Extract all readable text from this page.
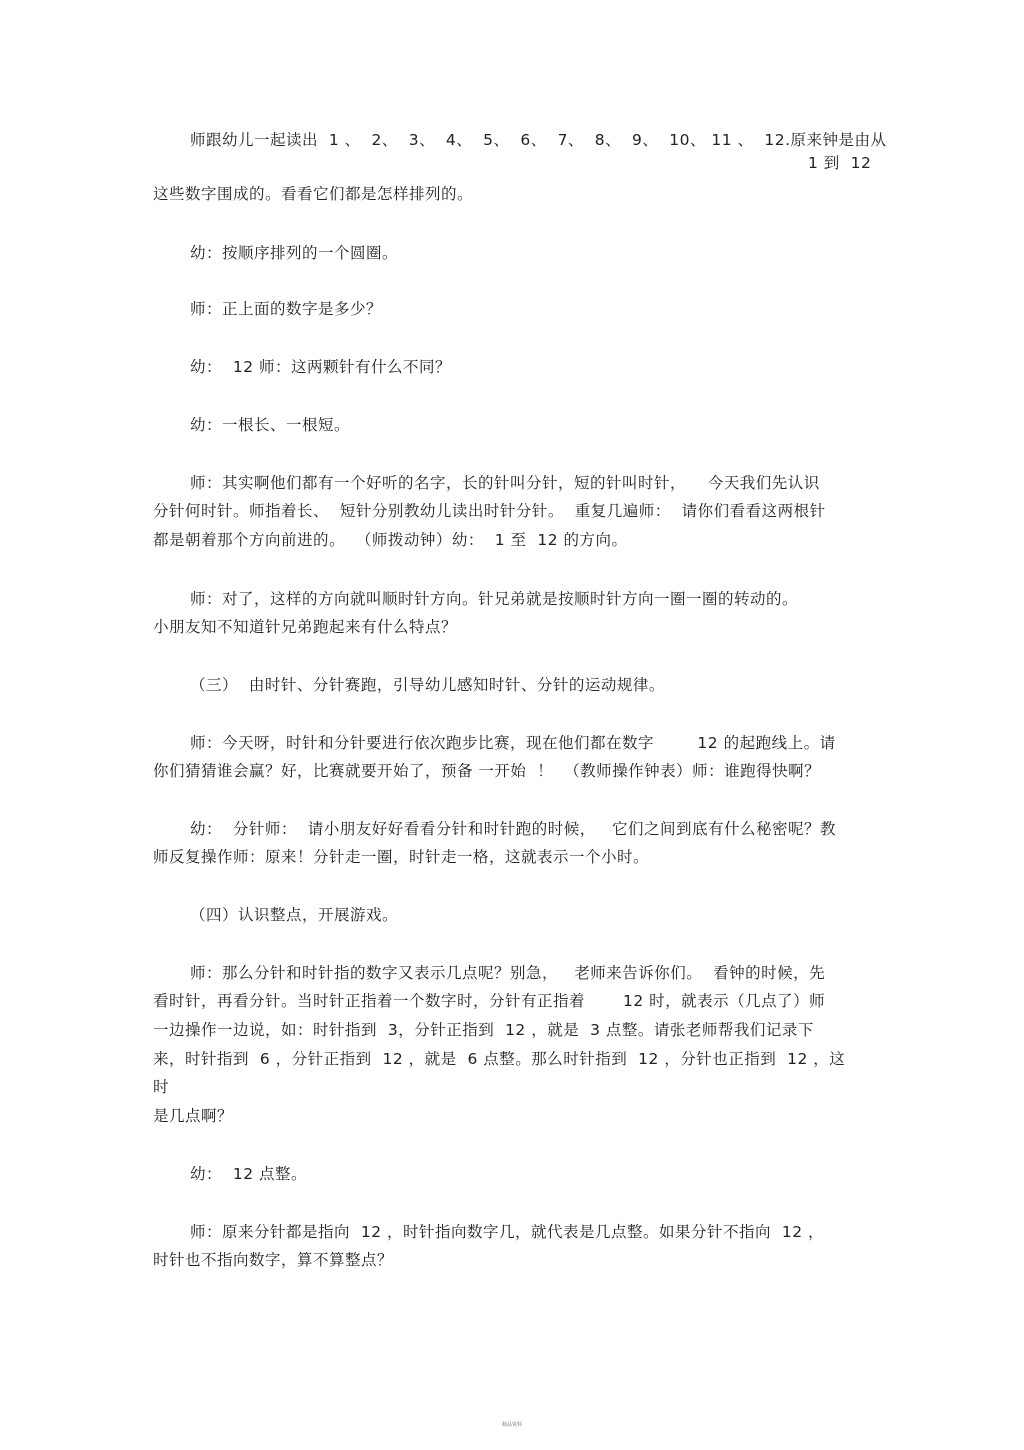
师跟幼儿一起读出  1 、  2、  3、  4、  5、  6、  7、  8、  9、  10、 11 、  12.原来钟是由从
1 到  12
这些数字围成的。看看它们都是怎样排列的。
幼：按顺序排列的一个圆圈。
师：正上面的数字是多少？
幼：  12 师：这两颗针有什么不同？
幼：一根长、一根短。
师：其实啊他们都有一个好听的名字，长的针叫分针，短的针叫时针，    今天我们先认识
分针何时针。师指着长、  短针分别教幼儿读出时针分针。  重复几遍师：  请你们看看这两根针
都是朝着那个方向前进的。  （师拨动钟）幼：  1 至  12 的方向。
师：对了，这样的方向就叫顺时针方向。针兄弟就是按顺时针方向一圈一圈的转动的。
小朋友知不知道针兄弟跑起来有什么特点？
（三）  由时针、分针赛跑，引导幼儿感知时针、分针的运动规律。
师：今天呀，时针和分针要进行依次跑步比赛，现在他们都在数字        12 的起跑线上。请
你们猜猜谁会赢？好，比赛就要开始了，预备 一开始  ！  （教师操作钟表）师：谁跑得快啊？
幼：  分针师：  请小朋友好好看看分针和时针跑的时候，   它们之间到底有什么秘密呢？教
师反复操作师：原来！分针走一圈，时针走一格，这就表示一个小时。
（四）认识整点，开展游戏。
师：那么分针和时针指的数字又表示几点呢？别急，   老师来告诉你们。  看钟的时候，先
看时针，再看分针。当时针正指着一个数字时，分针有正指着       12 时，就表示（几点了）师
一边操作一边说，如：时针指到  3，分针正指到  12 ，就是  3 点整。请张老师帮我们记录下
来，时针指到  6 ，分针正指到  12 ，就是  6 点整。那么时针指到  12 ，分针也正指到  12 ，这
时
是几点啊？
幼：  12 点整。
师：原来分针都是指向  12 ，时针指向数字几，就代表是几点整。如果分针不指向  12 ，
时针也不指向数字，算不算整点？
精品资料
